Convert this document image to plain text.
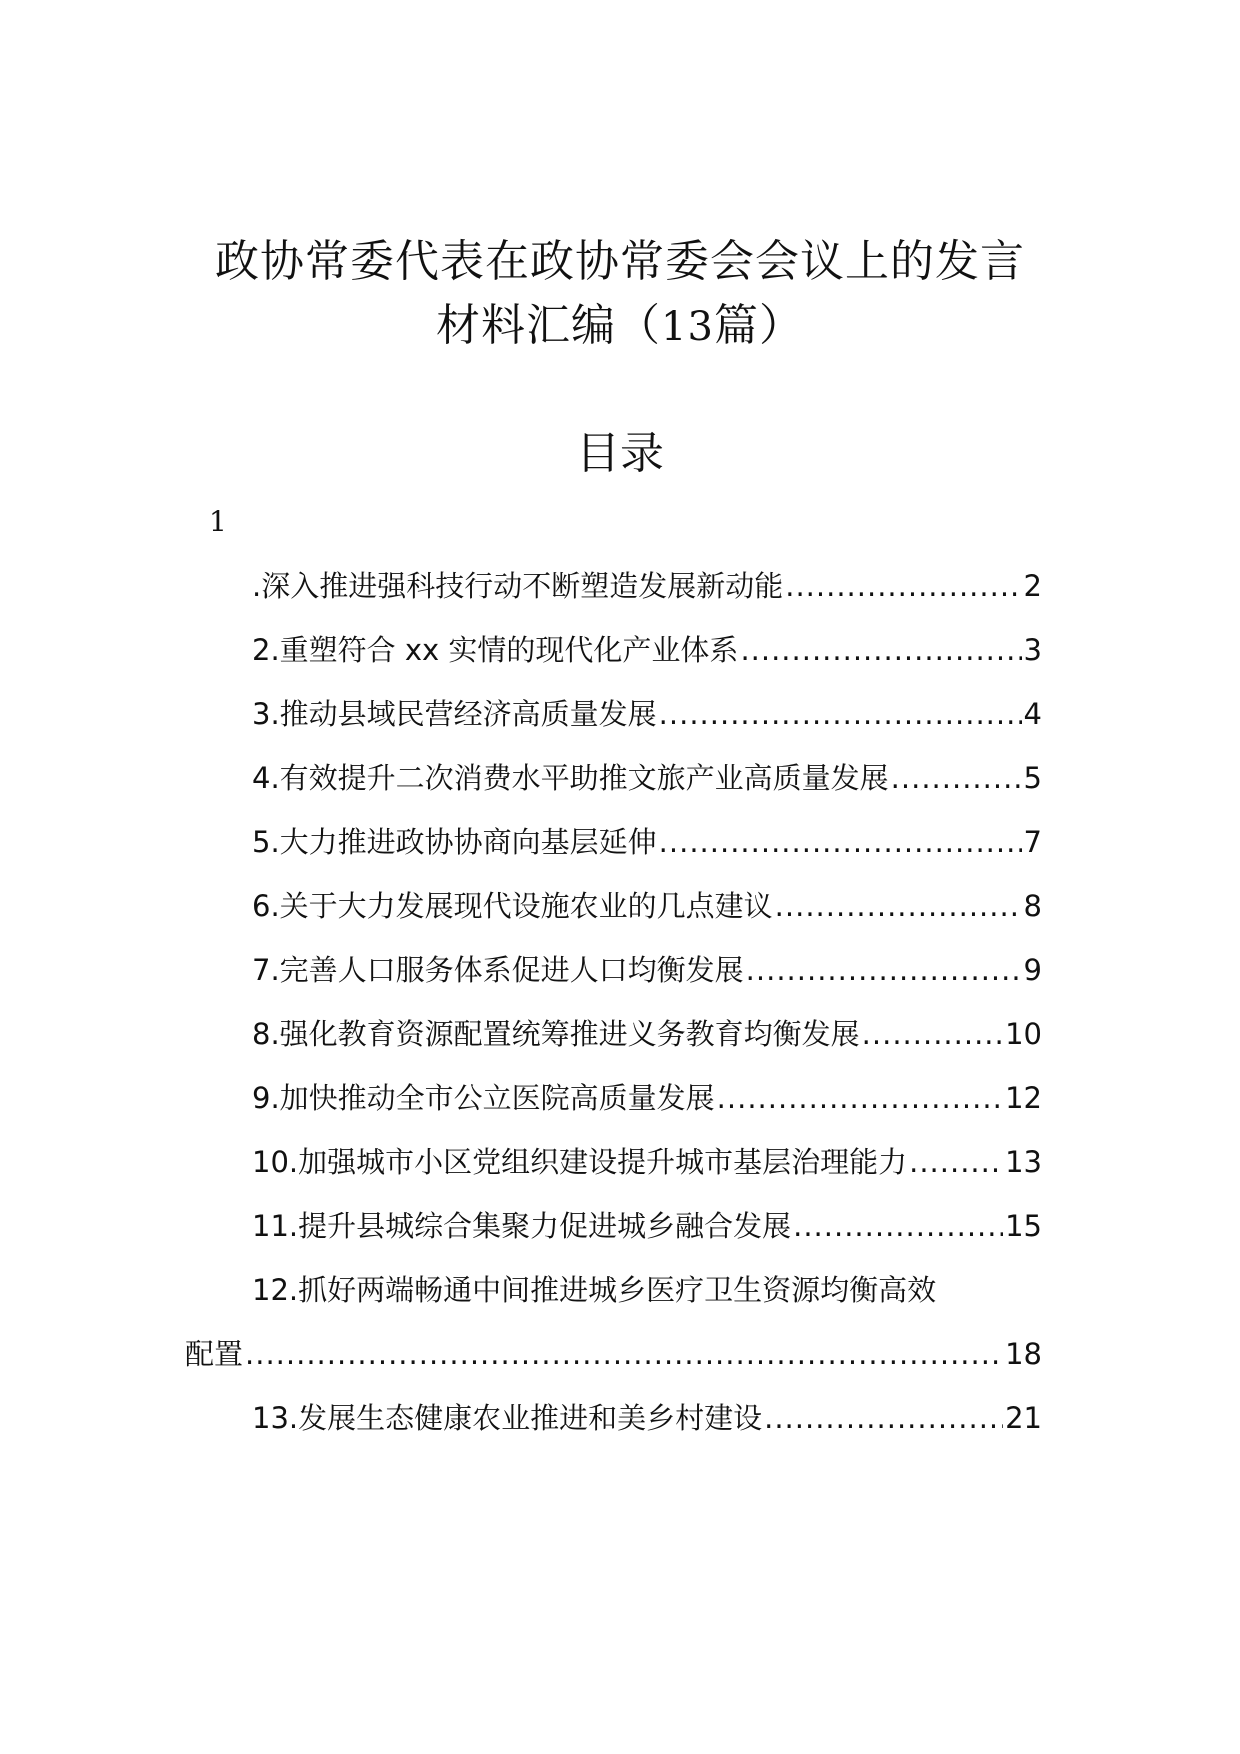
政协常委代表在政协常委会会议上的发言
材料汇编（13篇）
目录
1
.深入推进强科技行动不断塑造发展新动能 .....	2
2.重塑符合 xx 实情的现代化产业体系 .....	3
3.推动县域民营经济高质量发展 .....	4
4.有效提升二次消费水平助推文旅产业高质量发展 .....	5
5.大力推进政协协商向基层延伸 .....	7
6.关于大力发展现代设施农业的几点建议 .....	8
7.完善人口服务体系促进人口均衡发展 .....	9
8.强化教育资源配置统筹推进义务教育均衡发展 .....	10
9.加快推动全市公立医院高质量发展 .....	12
10.加强城市小区党组织建设提升城市基层治理能力 .....	13
11.提升县城综合集聚力促进城乡融合发展 .....	15
12.抓好两端畅通中间推进城乡医疗卫生资源均衡高效
配置 .....	18
13.发展生态健康农业推进和美乡村建设 .....	21
